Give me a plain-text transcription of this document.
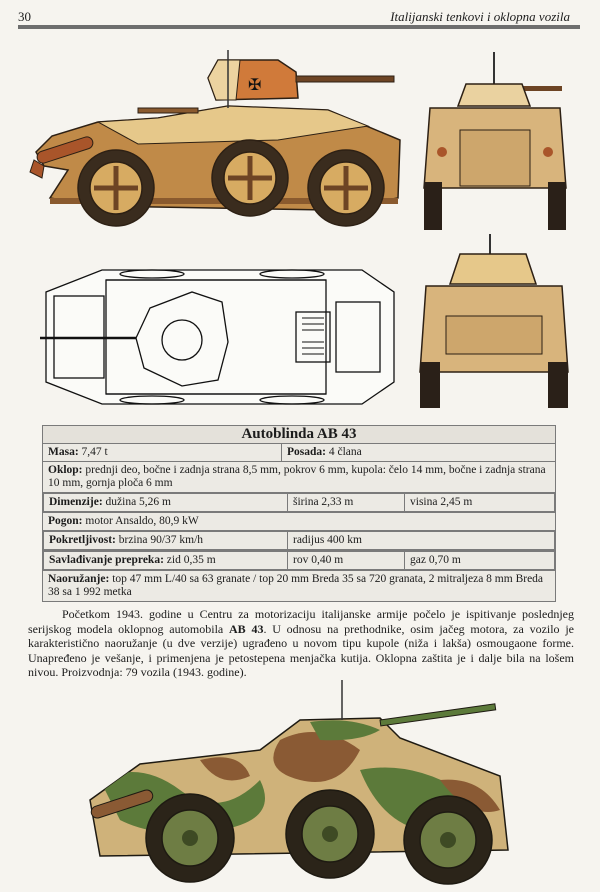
30	Italijanski tenkovi i oklopna vozila
✠
Autoblinda AB 43
Masa: 7,47 t	Posada: 4 člana
Oklop: prednji deo, bočne i zadnja strana 8,5 mm, pokrov 6 mm, kupola: čelo 14 mm, bočne i zadnja strana 10 mm, gornja ploča 6 mm

Dimenzije: dužina 5,26 m	širina 2,33 m	visina 2,45 m

Pogon: motor Ansaldo, 80,9 kW

Pokretljivost: brzina 90/37 km/h	radijus 400 km

Savlađivanje prepreka: zid 0,35 m	rov 0,40 m	gaz 0,70 m

Naoružanje: top 47 mm L/40 sa 63 granate / top 20 mm Breda 35 sa 720 granata, 2 mitraljeza 8 mm Breda 38 sa 1 992 metka

Početkom 1943. godine u Centru za motorizaciju italijanske armije počelo je ispitivanje poslednjeg serijskog modela oklopnog automobila AB 43. U odnosu na prethodnike, osim jačeg motora, za vozilo je karakteristično naoružanje (u dve verzije) ugrađeno u novom tipu kupole (niža i lakša) osmougaone forme. Unapređeno je vešanje, i primenjena je petostepena menjačka kutija. Oklopna zaštita je i dalje bila na lošem nivou. Proizvodnja: 79 vozila (1943. godine).
